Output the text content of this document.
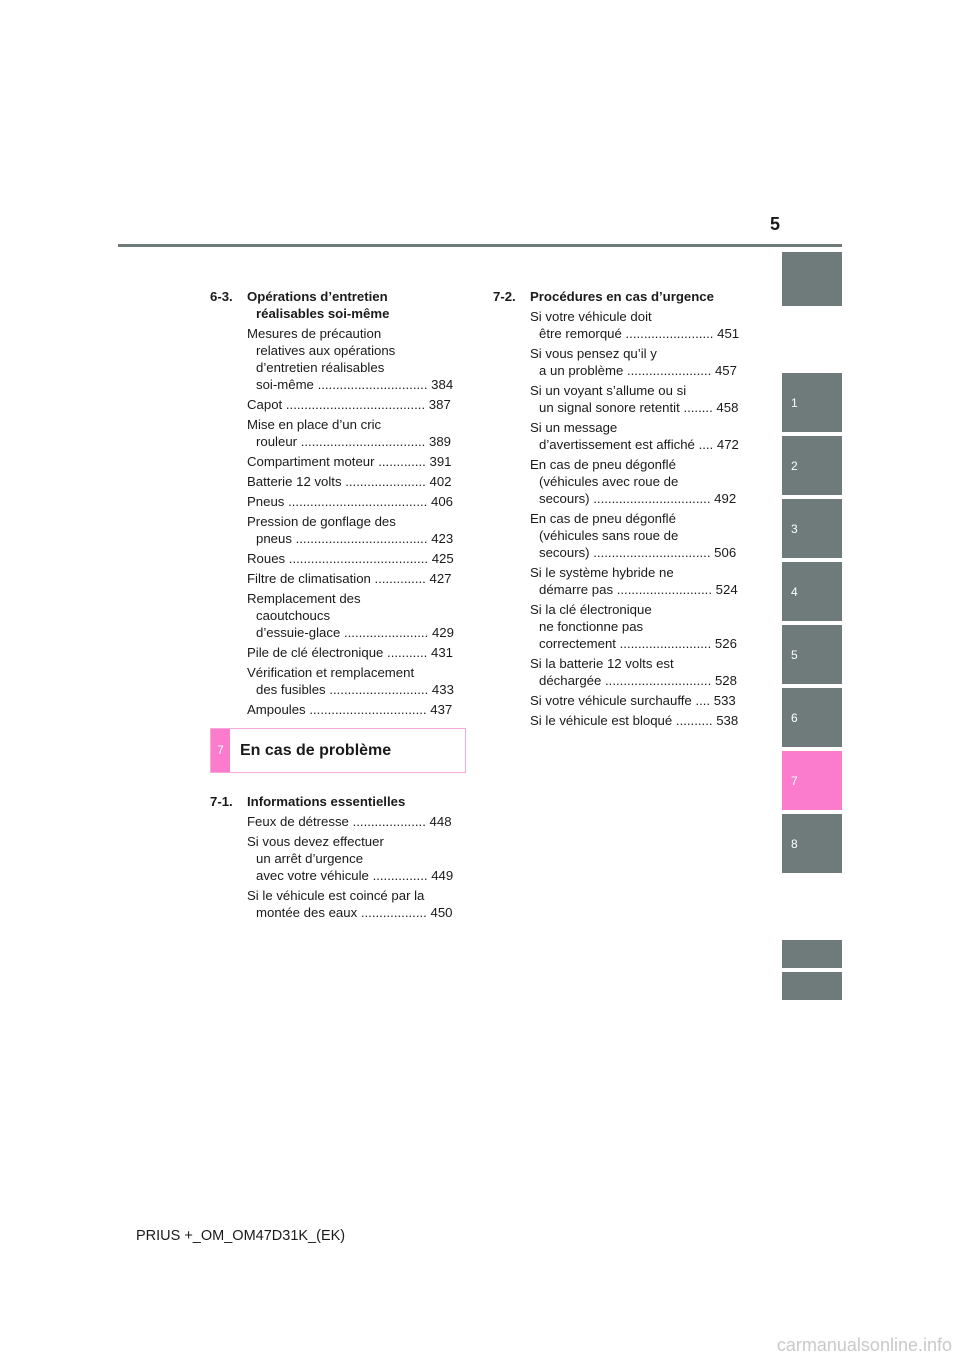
5
1
2
3
4
5
6
7
8
6-3.	Opérations d’entretien
réalisables soi-même
Mesures de précaution
relatives aux opérations
d’entretien réalisables
soi-même .............................. 384
Capot ...................................... 387
Mise en place d’un cric
rouleur .................................. 389
Compartiment moteur ............. 391
Batterie 12 volts ...................... 402
Pneus ...................................... 406
Pression de gonflage des
pneus .................................... 423
Roues ...................................... 425
Filtre de climatisation .............. 427
Remplacement des
caoutchoucs
d’essuie-glace ....................... 429
Pile de clé électronique ........... 431
Vérification et remplacement
des fusibles ........................... 433
Ampoules ................................ 437
7	En cas de problème
7-1.	Informations essentielles
Feux de détresse .................... 448
Si vous devez effectuer
un arrêt d’urgence
avec votre véhicule ............... 449
Si le véhicule est coincé par la
montée des eaux .................. 450
7-2.	Procédures en cas d’urgence
Si votre véhicule doit
être remorqué ........................ 451
Si vous pensez qu’il y
a un problème ....................... 457
Si un voyant s’allume ou si
un signal sonore retentit ........ 458
Si un message
d’avertissement est affiché .... 472
En cas de pneu dégonflé
(véhicules avec roue de
secours) ................................ 492
En cas de pneu dégonflé
(véhicules sans roue de
secours) ................................ 506
Si le système hybride ne
démarre pas .......................... 524
Si la clé électronique
ne fonctionne pas
correctement ......................... 526
Si la batterie 12 volts est
déchargée ............................. 528
Si votre véhicule surchauffe .... 533
Si le véhicule est bloqué .......... 538
PRIUS +_OM_OM47D31K_(EK)
carmanualsonline.info
